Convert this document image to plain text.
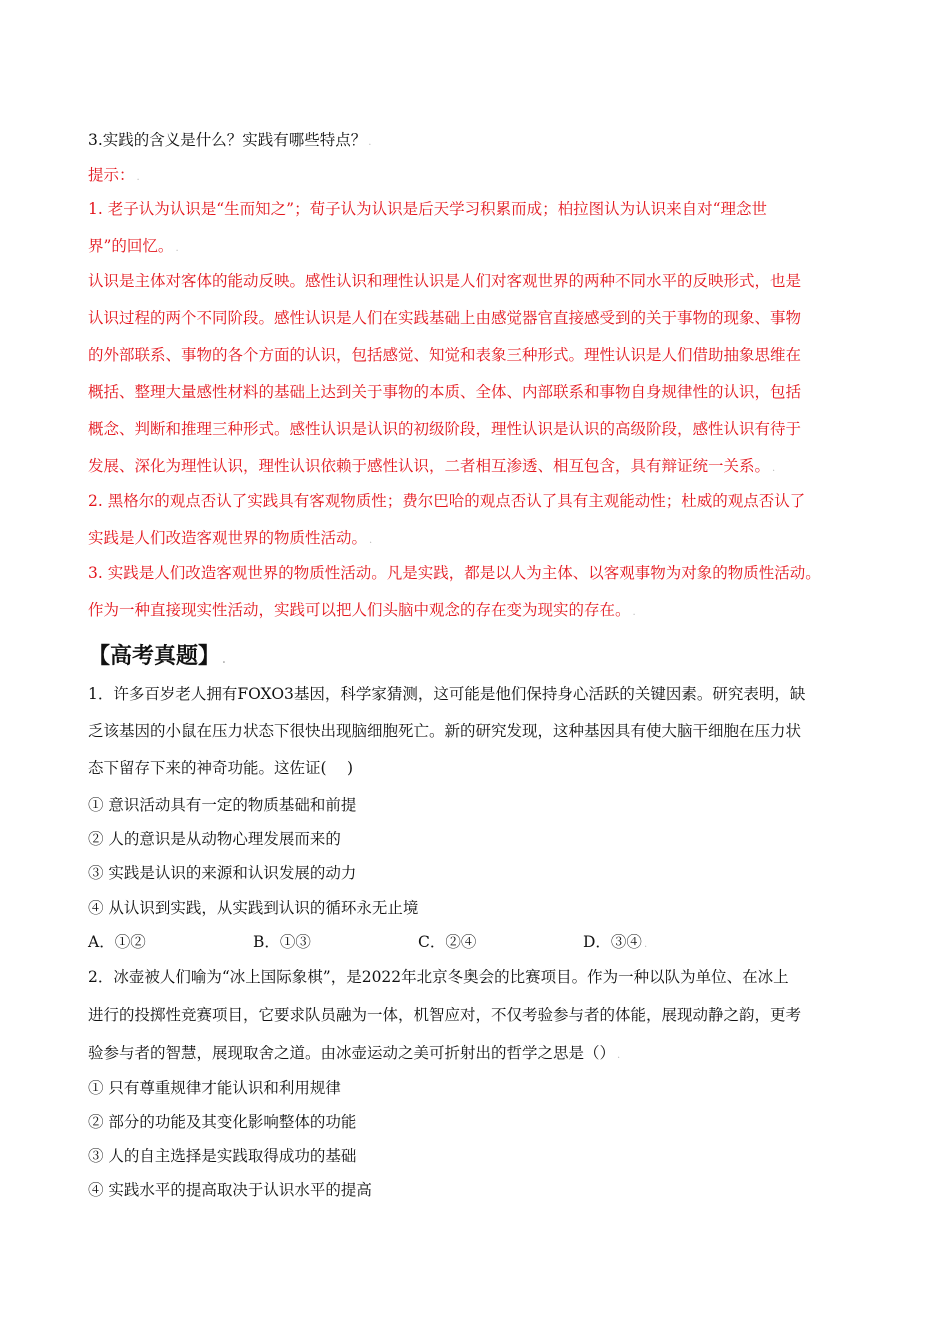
3.实践的含义是什么？实践有哪些特点？ .
提示： .
1. 老子认为认识是“生而知之”；荀子认为认识是后天学习积累而成；柏拉图认为认识来自对“理念世
界”的回忆。 .
认识是主体对客体的能动反映。感性认识和理性认识是人们对客观世界的两种不同水平的反映形式，也是
认识过程的两个不同阶段。感性认识是人们在实践基础上由感觉器官直接感受到的关于事物的现象、事物
的外部联系、事物的各个方面的认识，包括感觉、知觉和表象三种形式。理性认识是人们借助抽象思维在
概括、整理大量感性材料的基础上达到关于事物的本质、全体、内部联系和事物自身规律性的认识，包括
概念、判断和推理三种形式。感性认识是认识的初级阶段，理性认识是认识的高级阶段，感性认识有待于
发展、深化为理性认识，理性认识依赖于感性认识，二者相互渗透、相互包含，具有辩证统一关系。 .
2. 黑格尔的观点否认了实践具有客观物质性；费尔巴哈的观点否认了具有主观能动性；杜威的观点否认了
实践是人们改造客观世界的物质性活动。 .
3. 实践是人们改造客观世界的物质性活动。凡是实践，都是以人为主体、以客观事物为对象的物质性活动。
作为一种直接现实性活动，实践可以把人们头脑中观念的存在变为现实的存在。 .
【高考真题】 .
1．许多百岁老人拥有FOXO3基因，科学家猜测，这可能是他们保持身心活跃的关键因素。研究表明，缺
乏该基因的小鼠在压力状态下很快出现脑细胞死亡。新的研究发现，这种基因具有使大脑干细胞在压力状
态下留存下来的神奇功能。这佐证(　 )
① 意识活动具有一定的物质基础和前提
② 人的意识是从动物心理发展而来的
③ 实践是认识的来源和认识发展的动力
④ 从认识到实践，从实践到认识的循环永无止境
A．①②	B．①③	C．②④	D．③④ .
2．冰壶被人们喻为“冰上国际象棋”，是2022年北京冬奥会的比赛项目。作为一种以队为单位、在冰上
进行的投掷性竞赛项目，它要求队员融为一体，机智应对，不仅考验参与者的体能，展现动静之韵，更考
验参与者的智慧，展现取舍之道。由冰壶运动之美可折射出的哲学之思是（） .
① 只有尊重规律才能认识和利用规律
② 部分的功能及其变化影响整体的功能
③ 人的自主选择是实践取得成功的基础
④ 实践水平的提高取决于认识水平的提高
